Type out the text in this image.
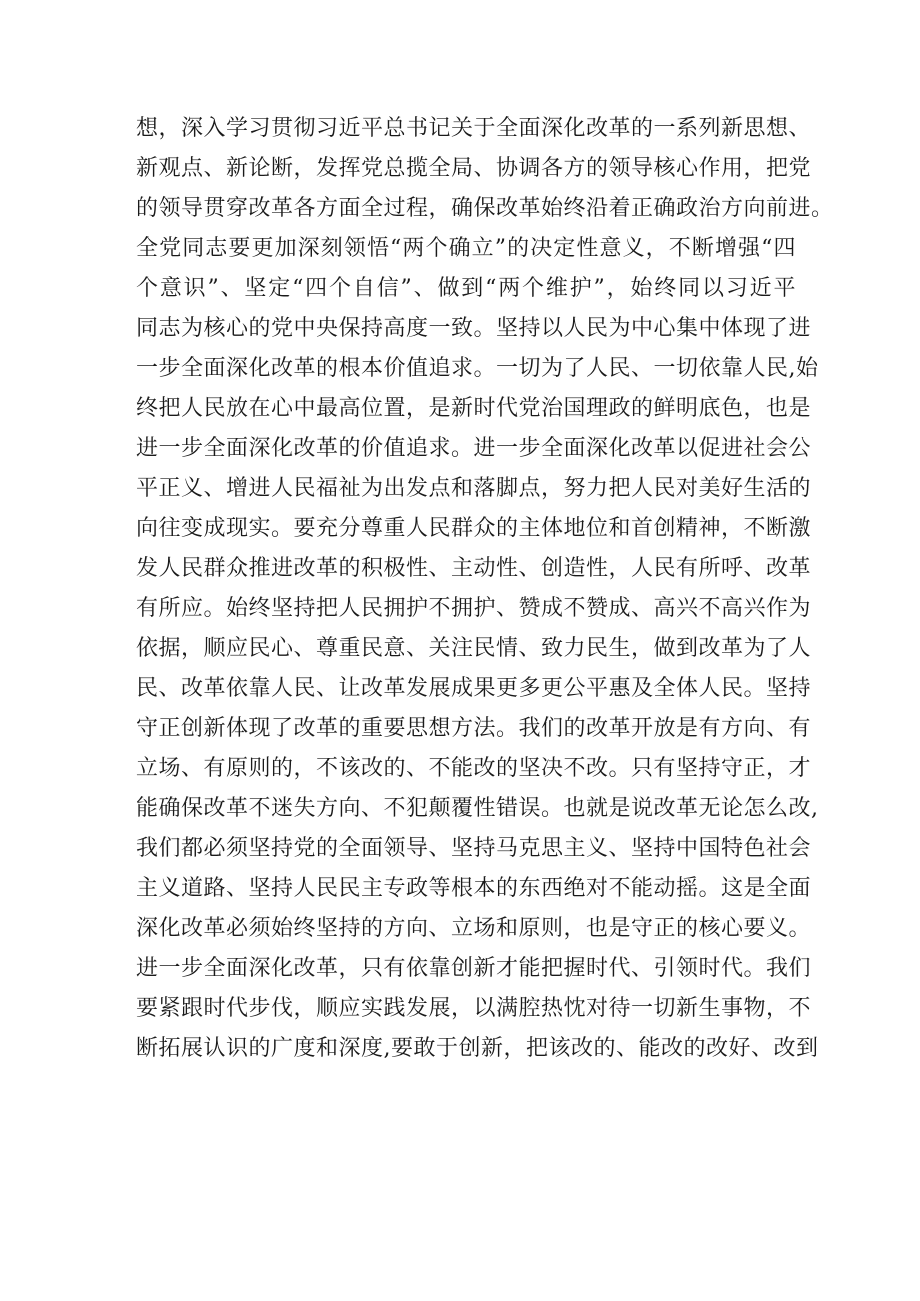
想，深入学习贯彻习近平总书记关于全面深化改革的一系列新思想、
新观点、新论断，发挥党总揽全局、协调各方的领导核心作用，把党
的领导贯穿改革各方面全过程，确保改革始终沿着正确政治方向前进。
全党同志要更加深刻领悟“两个确立”的决定性意义，不断增强“四
个意识”、坚定“四个自信”、做到“两个维护”，始终同以习近平
同志为核心的党中央保持高度一致。坚持以人民为中心集中体现了进
一步全面深化改革的根本价值追求。一切为了人民、一切依靠人民,始
终把人民放在心中最高位置，是新时代党治国理政的鲜明底色，也是
进一步全面深化改革的价值追求。进一步全面深化改革以促进社会公
平正义、增进人民福祉为出发点和落脚点，努力把人民对美好生活的
向往变成现实。要充分尊重人民群众的主体地位和首创精神，不断激
发人民群众推进改革的积极性、主动性、创造性，人民有所呼、改革
有所应。始终坚持把人民拥护不拥护、赞成不赞成、高兴不高兴作为
依据，顺应民心、尊重民意、关注民情、致力民生，做到改革为了人
民、改革依靠人民、让改革发展成果更多更公平惠及全体人民。坚持
守正创新体现了改革的重要思想方法。我们的改革开放是有方向、有
立场、有原则的，不该改的、不能改的坚决不改。只有坚持守正，才
能确保改革不迷失方向、不犯颠覆性错误。也就是说改革无论怎么改,
我们都必须坚持党的全面领导、坚持马克思主义、坚持中国特色社会
主义道路、坚持人民民主专政等根本的东西绝对不能动摇。这是全面
深化改革必须始终坚持的方向、立场和原则，也是守正的核心要义。
进一步全面深化改革，只有依靠创新才能把握时代、引领时代。我们
要紧跟时代步伐，顺应实践发展，以满腔热忱对待一切新生事物，不
断拓展认识的广度和深度,要敢于创新，把该改的、能改的改好、改到
